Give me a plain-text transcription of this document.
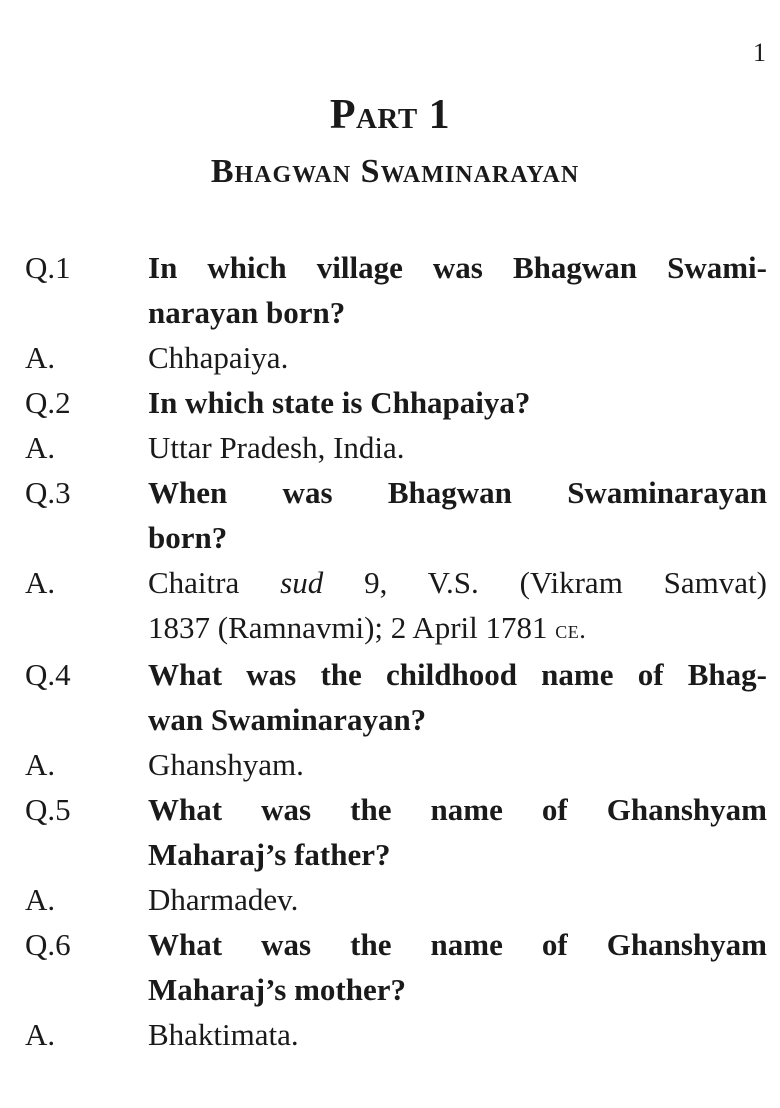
1
Part 1
Bhagwan Swaminarayan
Q.1	In which village was Bhagwan Swami-
narayan born?
A.	Chhapaiya.
Q.2	In which state is Chhapaiya?
A.	Uttar Pradesh, India.
Q.3	When was Bhagwan Swaminarayan
born?
A.	Chaitra sud 9, V.S. (Vikram Samvat)
1837 (Ramnavmi); 2 April 1781 ce.
Q.4	What was the childhood name of Bhag-
wan Swaminarayan?
A.	Ghanshyam.
Q.5	What was the name of Ghanshyam
Maharaj’s father?
A.	Dharmadev.
Q.6	What was the name of Ghanshyam
Maharaj’s mother?
A.	Bhaktimata.
